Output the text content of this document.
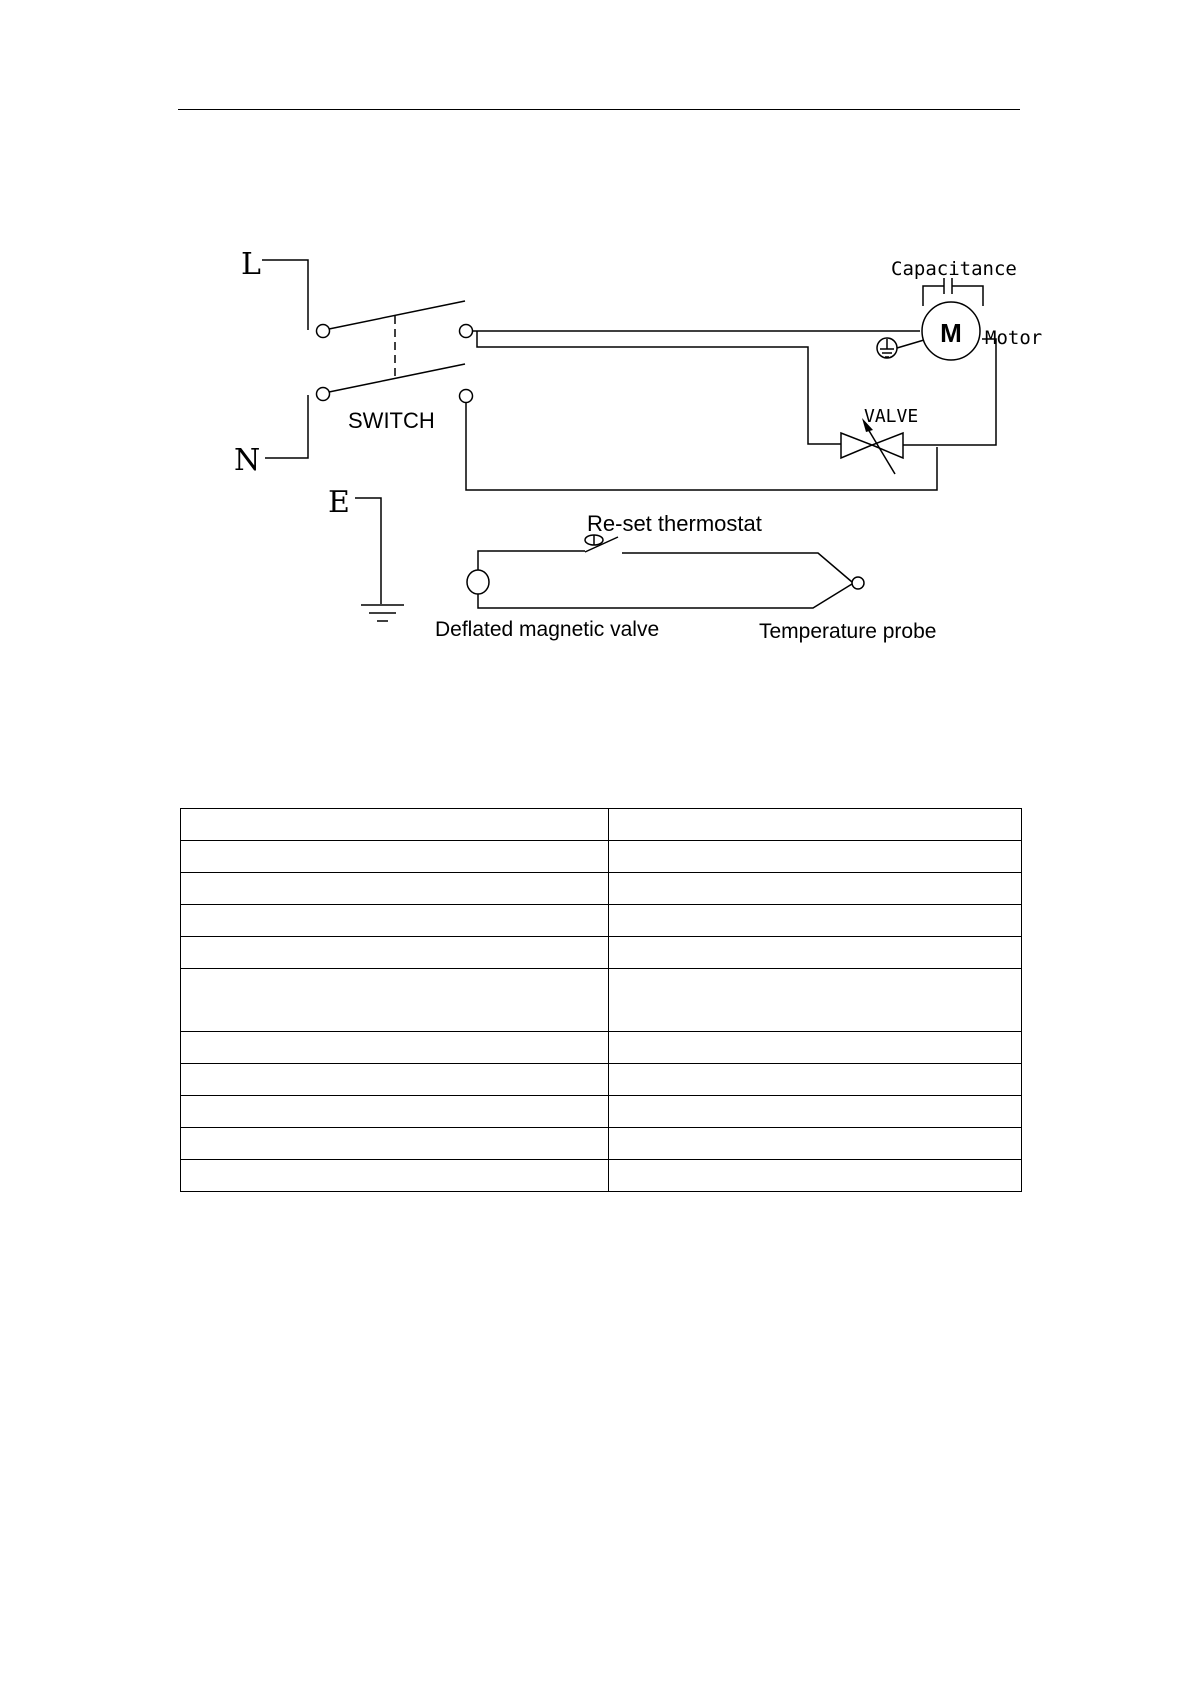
L
N
E
Capacitance
Motor
VALVE
M
SWITCH
Re-set thermostat
Deflated magnetic valve	Temperature probe
